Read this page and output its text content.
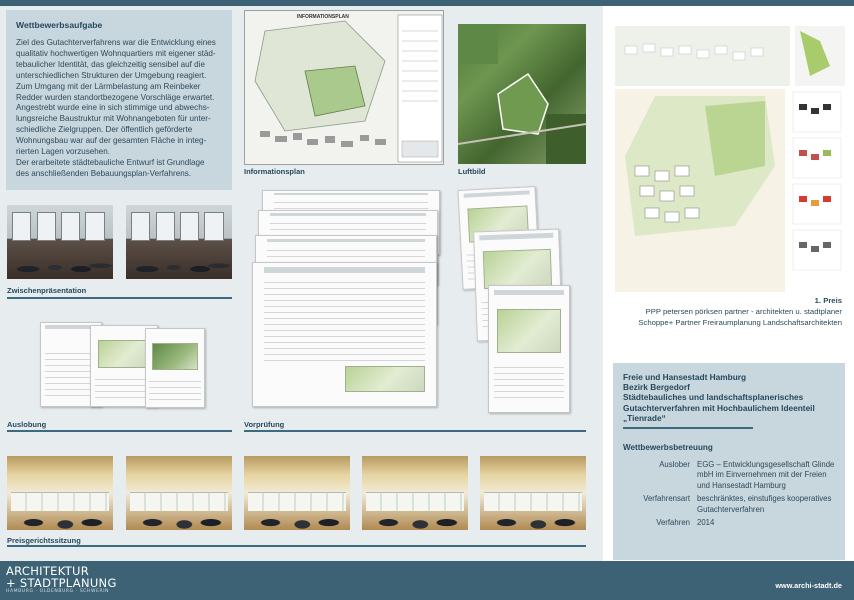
Wettbewerbsaufgabe

Ziel des Gutachterverfahrens war die Entwicklung eines
qualitativ hochwertigen Wohnquartiers mit eigener städ-
tebaulicher Identität, das gleichzeitig sensibel auf die
unterschiedlichen Strukturen der Umgebung reagiert.
Zum Umgang mit der Lärmbelastung am Reinbeker
Redder wurden standortbezogene Vorschläge erwartet.
Angestrebt wurde eine in sich stimmige und abwechs-
lungsreiche Baustruktur mit Wohnangeboten für unter-
schiedliche Zielgruppen. Der öffentlich geförderte
Wohnungsbau war auf der gesamten Fläche in integ-
rierten Lagen vorzusehen.
Der erarbeitete städtebauliche Entwurf ist Grundlage
des anschließenden Bebauungsplan-Verfahrens.

INFORMATIONSPLAN
Informationsplan	Luftbild
Zwischenpräsentation
Auslobung	Vorprüfung
Preisgerichtssitzung
1. Preis
PPP petersen pörksen partner - architekten u. stadtplaner
Schoppe+ Partner Freiraumplanung Landschaftsarchitekten
Freie und Hansestadt Hamburg
Bezirk Bergedorf
Städtebauliches und landschaftsplanerisches
Gutachterverfahren mit Hochbaulichem Ideenteil
„Tienrade“
Wettbewerbsbetreuung
Auslober EGG – Entwicklungsgesellschaft Glinde mbH im Einvernehmen mit der Freien und Hansestadt Hamburg
Verfahrensart beschränktes, einstufiges kooperatives Gutachterverfahren
Verfahren 2014
ARCHITEKTUR
+ STADTPLANUNG
HAMBURG · OLDENBURG · SCHWERIN
www.archi-stadt.de
